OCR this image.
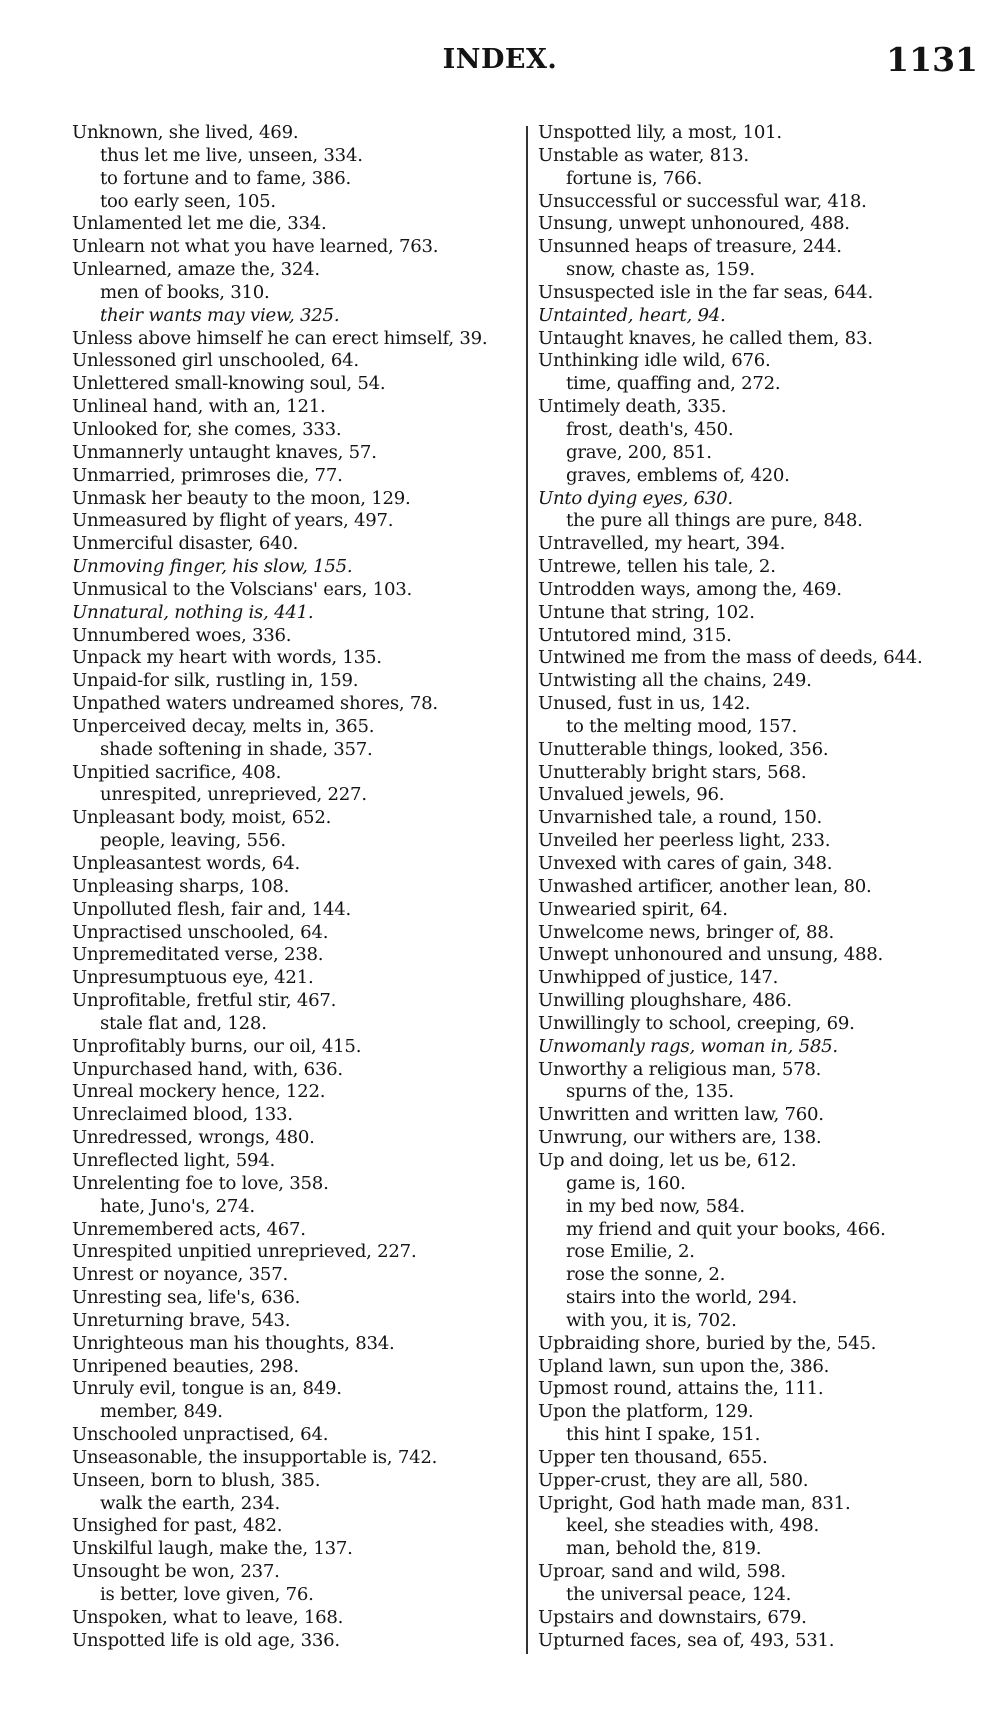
INDEX.	1131
Unknown, she lived, 469.
thus let me live, unseen, 334.
to fortune and to fame, 386.
too early seen, 105.
Unlamented let me die, 334.
Unlearn not what you have learned, 763.
Unlearned, amaze the, 324.
men of books, 310.
their wants may view, 325.
Unless above himself he can erect himself, 39.
Unlessoned girl unschooled, 64.
Unlettered small-knowing soul, 54.
Unlineal hand, with an, 121.
Unlooked for, she comes, 333.
Unmannerly untaught knaves, 57.
Unmarried, primroses die, 77.
Unmask her beauty to the moon, 129.
Unmeasured by flight of years, 497.
Unmerciful disaster, 640.
Unmoving finger, his slow, 155.
Unmusical to the Volscians' ears, 103.
Unnatural, nothing is, 441.
Unnumbered woes, 336.
Unpack my heart with words, 135.
Unpaid-for silk, rustling in, 159.
Unpathed waters undreamed shores, 78.
Unperceived decay, melts in, 365.
shade softening in shade, 357.
Unpitied sacrifice, 408.
unrespited, unreprieved, 227.
Unpleasant body, moist, 652.
people, leaving, 556.
Unpleasantest words, 64.
Unpleasing sharps, 108.
Unpolluted flesh, fair and, 144.
Unpractised unschooled, 64.
Unpremeditated verse, 238.
Unpresumptuous eye, 421.
Unprofitable, fretful stir, 467.
stale flat and, 128.
Unprofitably burns, our oil, 415.
Unpurchased hand, with, 636.
Unreal mockery hence, 122.
Unreclaimed blood, 133.
Unredressed, wrongs, 480.
Unreflected light, 594.
Unrelenting foe to love, 358.
hate, Juno's, 274.
Unremembered acts, 467.
Unrespited unpitied unreprieved, 227.
Unrest or noyance, 357.
Unresting sea, life's, 636.
Unreturning brave, 543.
Unrighteous man his thoughts, 834.
Unripened beauties, 298.
Unruly evil, tongue is an, 849.
member, 849.
Unschooled unpractised, 64.
Unseasonable, the insupportable is, 742.
Unseen, born to blush, 385.
walk the earth, 234.
Unsighed for past, 482.
Unskilful laugh, make the, 137.
Unsought be won, 237.
is better, love given, 76.
Unspoken, what to leave, 168.
Unspotted life is old age, 336.
Unspotted lily, a most, 101.
Unstable as water, 813.
fortune is, 766.
Unsuccessful or successful war, 418.
Unsung, unwept unhonoured, 488.
Unsunned heaps of treasure, 244.
snow, chaste as, 159.
Unsuspected isle in the far seas, 644.
Untainted, heart, 94.
Untaught knaves, he called them, 83.
Unthinking idle wild, 676.
time, quaffing and, 272.
Untimely death, 335.
frost, death's, 450.
grave, 200, 851.
graves, emblems of, 420.
Unto dying eyes, 630.
the pure all things are pure, 848.
Untravelled, my heart, 394.
Untrewe, tellen his tale, 2.
Untrodden ways, among the, 469.
Untune that string, 102.
Untutored mind, 315.
Untwined me from the mass of deeds, 644.
Untwisting all the chains, 249.
Unused, fust in us, 142.
to the melting mood, 157.
Unutterable things, looked, 356.
Unutterably bright stars, 568.
Unvalued jewels, 96.
Unvarnished tale, a round, 150.
Unveiled her peerless light, 233.
Unvexed with cares of gain, 348.
Unwashed artificer, another lean, 80.
Unwearied spirit, 64.
Unwelcome news, bringer of, 88.
Unwept unhonoured and unsung, 488.
Unwhipped of justice, 147.
Unwilling ploughshare, 486.
Unwillingly to school, creeping, 69.
Unwomanly rags, woman in, 585.
Unworthy a religious man, 578.
spurns of the, 135.
Unwritten and written law, 760.
Unwrung, our withers are, 138.
Up and doing, let us be, 612.
game is, 160.
in my bed now, 584.
my friend and quit your books, 466.
rose Emilie, 2.
rose the sonne, 2.
stairs into the world, 294.
with you, it is, 702.
Upbraiding shore, buried by the, 545.
Upland lawn, sun upon the, 386.
Upmost round, attains the, 111.
Upon the platform, 129.
this hint I spake, 151.
Upper ten thousand, 655.
Upper-crust, they are all, 580.
Upright, God hath made man, 831.
keel, she steadies with, 498.
man, behold the, 819.
Uproar, sand and wild, 598.
the universal peace, 124.
Upstairs and downstairs, 679.
Upturned faces, sea of, 493, 531.
